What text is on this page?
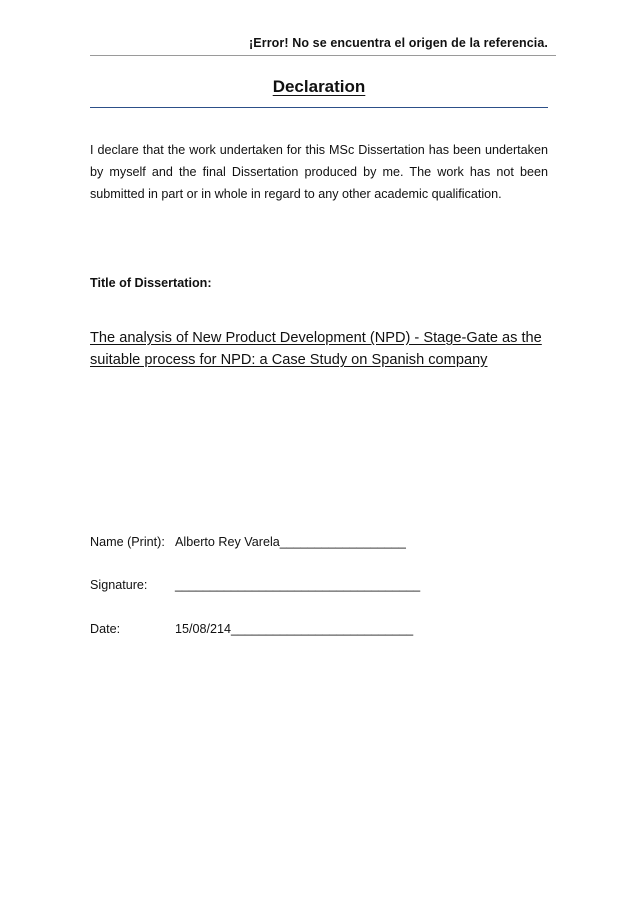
¡Error! No se encuentra el origen de la referencia.
Declaration
I declare that the work undertaken for this MSc Dissertation has been undertaken by myself and the final Dissertation produced by me. The work has not been submitted in part or in whole in regard to any other academic qualification.
Title of Dissertation:
The analysis of New Product Development (NPD) - Stage-Gate as the suitable process for NPD: a Case Study on Spanish company
Name (Print): Alberto Rey Varela__________________
Signature: ___________________________________
Date:	15/08/214__________________________
